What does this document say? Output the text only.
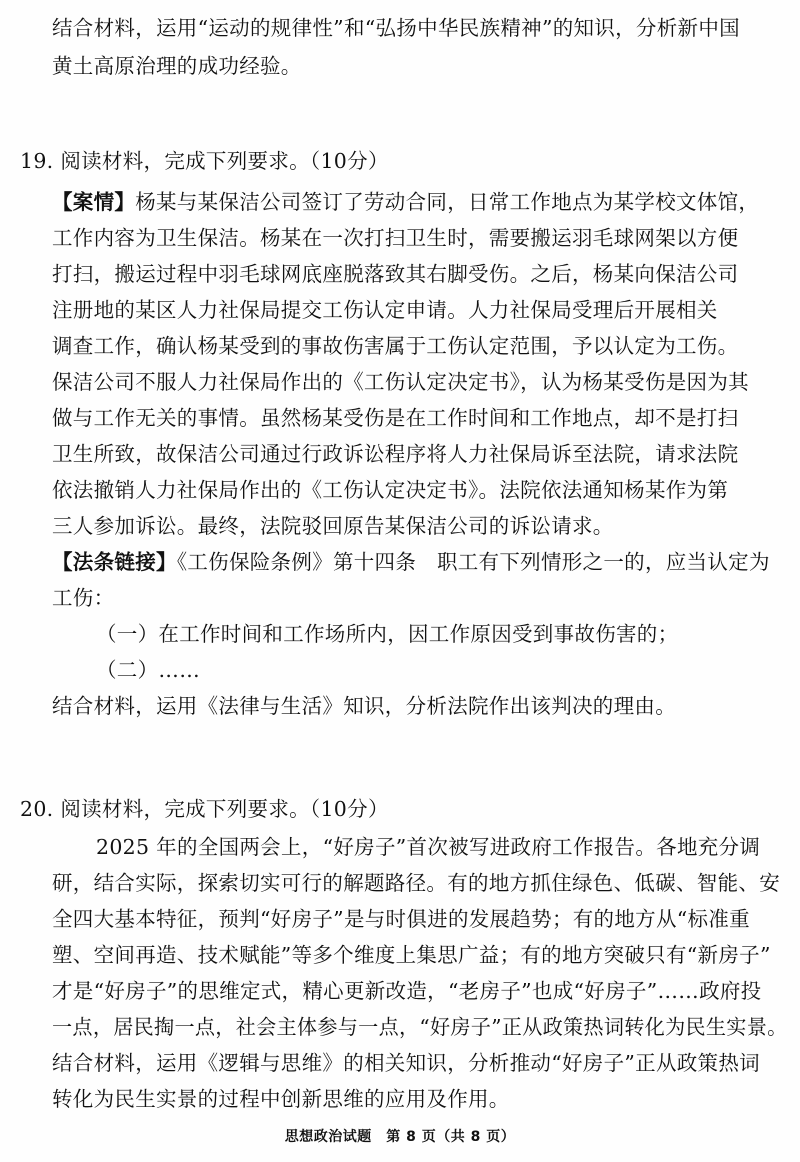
结合材料，运用“运动的规律性”和“弘扬中华民族精神”的知识，分析新中国
黄土高原治理的成功经验。
19. 阅读材料，完成下列要求。（10分）
【案情】杨某与某保洁公司签订了劳动合同，日常工作地点为某学校文体馆，
工作内容为卫生保洁。杨某在一次打扫卫生时，需要搬运羽毛球网架以方便
打扫，搬运过程中羽毛球网底座脱落致其右脚受伤。之后，杨某向保洁公司
注册地的某区人力社保局提交工伤认定申请。人力社保局受理后开展相关
调查工作，确认杨某受到的事故伤害属于工伤认定范围，予以认定为工伤。
保洁公司不服人力社保局作出的《工伤认定决定书》，认为杨某受伤是因为其
做与工作无关的事情。虽然杨某受伤是在工作时间和工作地点，却不是打扫
卫生所致，故保洁公司通过行政诉讼程序将人力社保局诉至法院，请求法院
依法撤销人力社保局作出的《工伤认定决定书》。法院依法通知杨某作为第
三人参加诉讼。最终，法院驳回原告某保洁公司的诉讼请求。
【法条链接】《工伤保险条例》第十四条　职工有下列情形之一的，应当认定为
工伤：
（一）在工作时间和工作场所内，因工作原因受到事故伤害的；
（二）……
结合材料，运用《法律与生活》知识，分析法院作出该判决的理由。
20. 阅读材料，完成下列要求。（10分）
2025 年的全国两会上，“好房子”首次被写进政府工作报告。各地充分调
研，结合实际，探索切实可行的解题路径。有的地方抓住绿色、低碳、智能、安
全四大基本特征，预判“好房子”是与时俱进的发展趋势；有的地方从“标准重
塑、空间再造、技术赋能”等多个维度上集思广益；有的地方突破只有“新房子”
才是“好房子”的思维定式，精心更新改造，“老房子”也成“好房子”……政府投
一点，居民掏一点，社会主体参与一点，“好房子”正从政策热词转化为民生实景。
结合材料，运用《逻辑与思维》的相关知识，分析推动“好房子”正从政策热词
转化为民生实景的过程中创新思维的应用及作用。
思想政治试题　第 8 页（共 8 页）
